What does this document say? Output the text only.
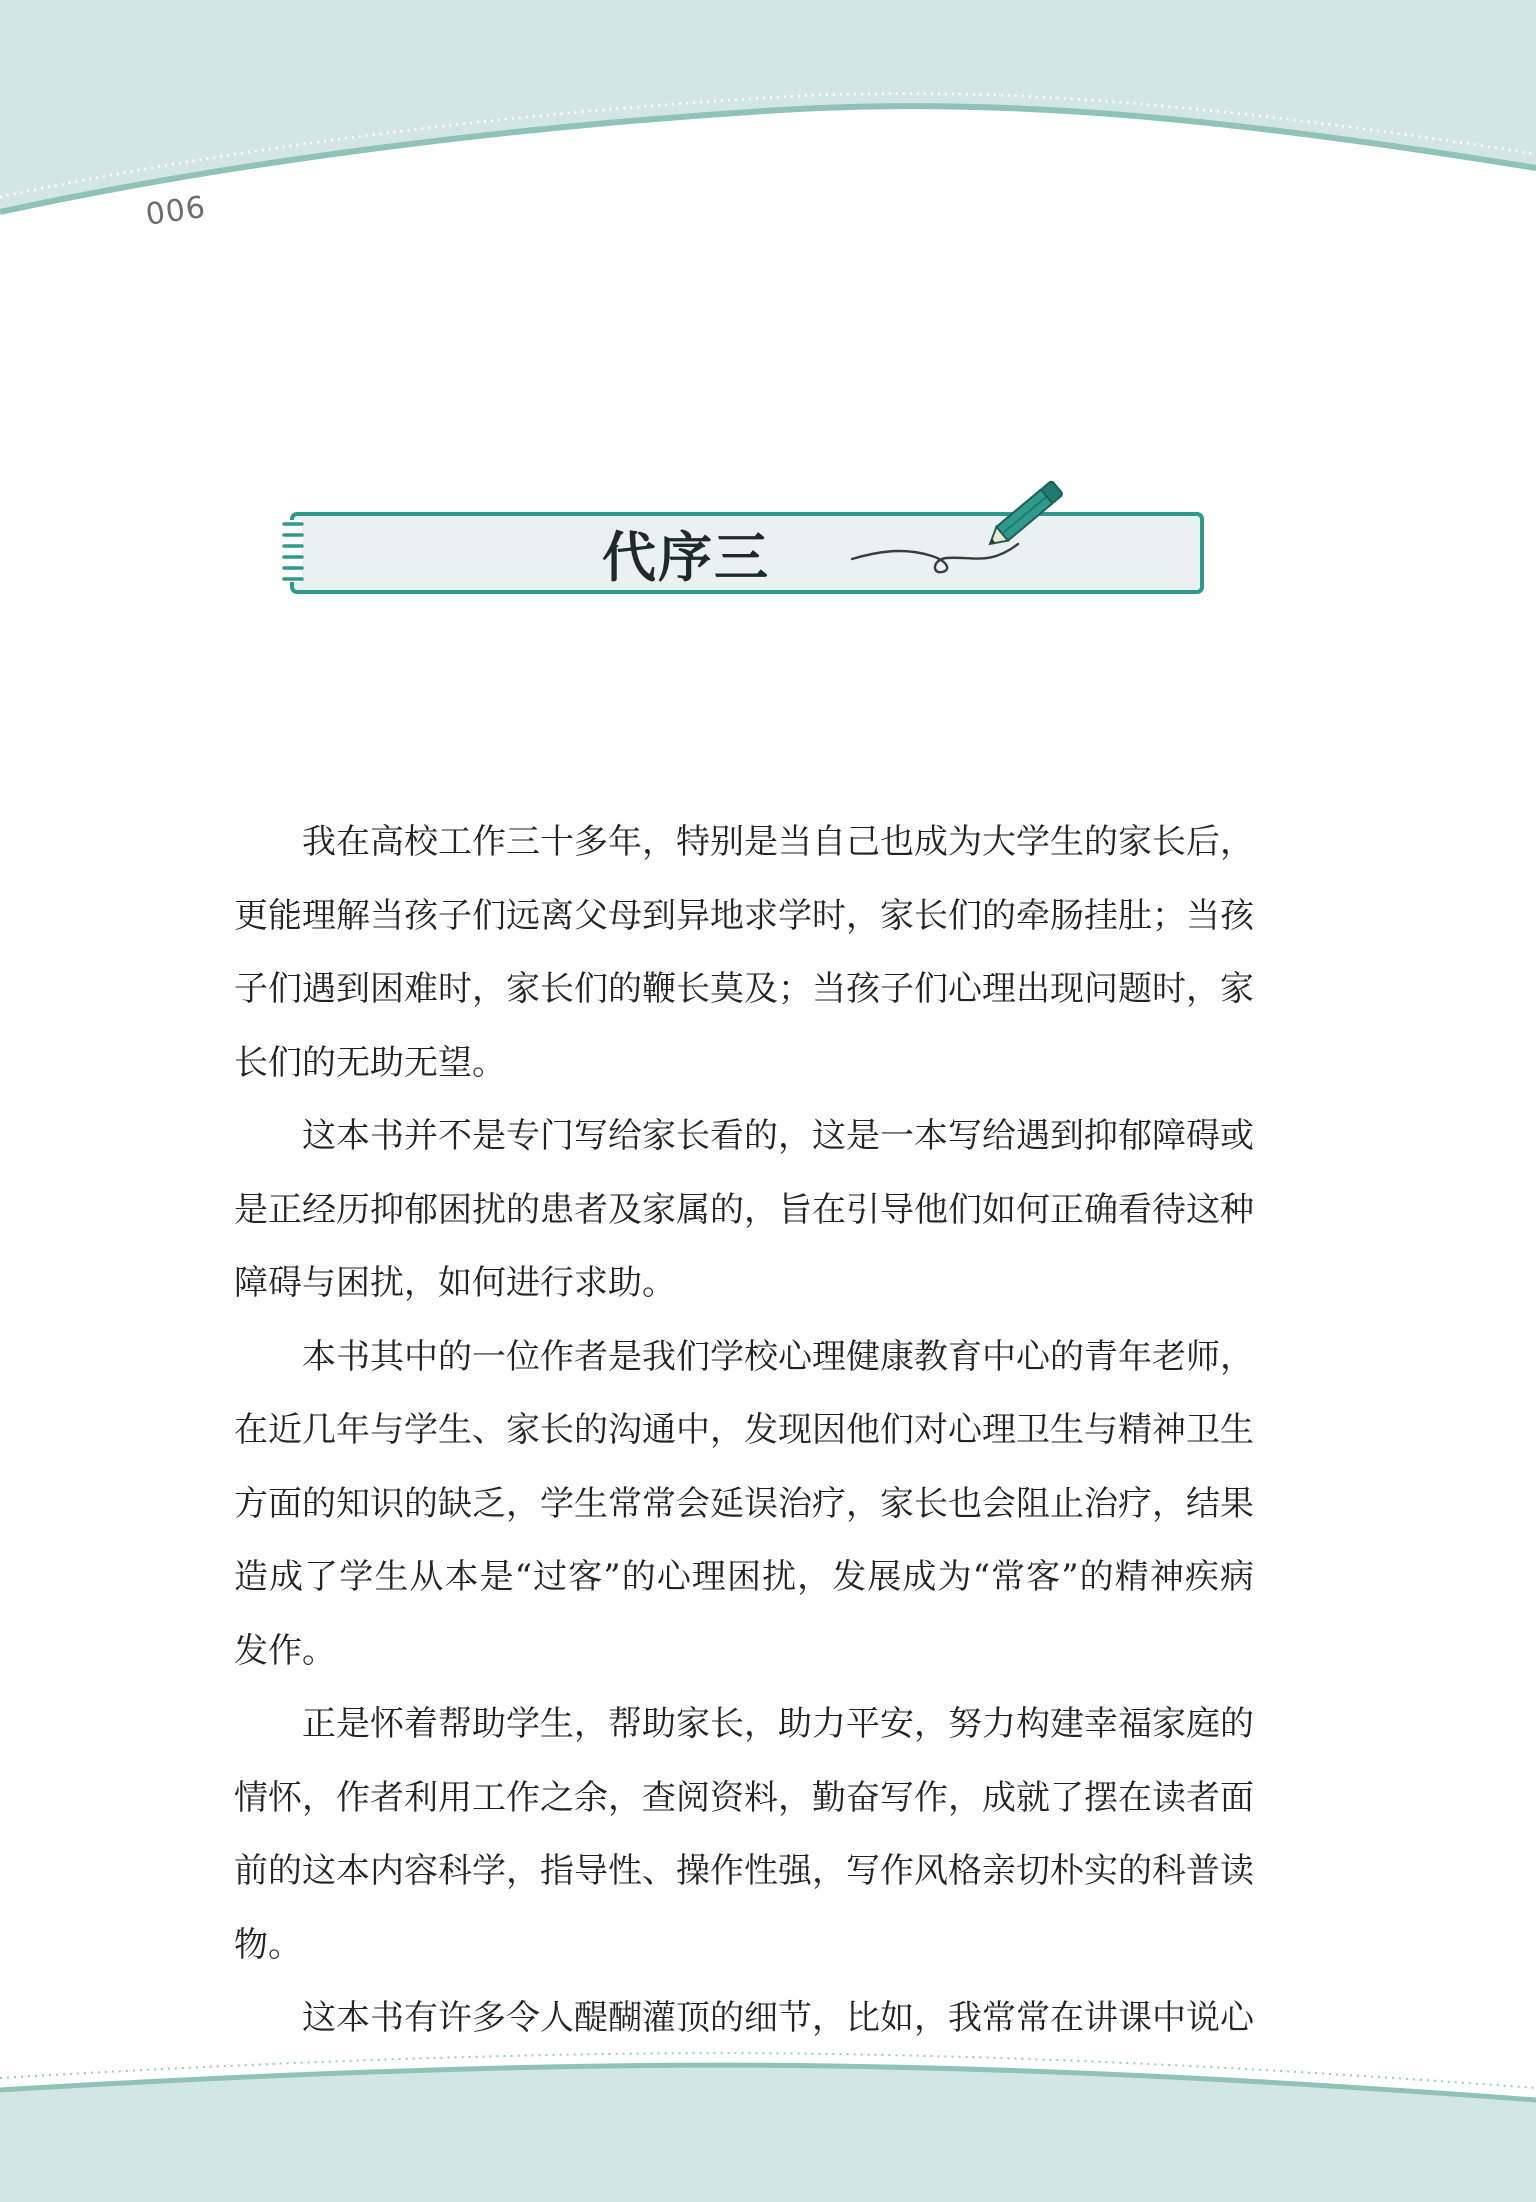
006
代序三

我在高校工作三十多年，特别是当自己也成为大学生的家长后，更能理解当孩子们远离父母到异地求学时，家长们的牵肠挂肚；当孩子们遇到困难时，家长们的鞭长莫及；当孩子们心理出现问题时，家长们的无助无望。

这本书并不是专门写给家长看的，这是一本写给遇到抑郁障碍或是正经历抑郁困扰的患者及家属的，旨在引导他们如何正确看待这种障碍与困扰，如何进行求助。

本书其中的一位作者是我们学校心理健康教育中心的青年老师，在近几年与学生、家长的沟通中，发现因他们对心理卫生与精神卫生方面的知识的缺乏，学生常常会延误治疗，家长也会阻止治疗，结果造成了学生从本是“过客”的心理困扰，发展成为“常客”的精神疾病发作。

正是怀着帮助学生，帮助家长，助力平安，努力构建幸福家庭的情怀，作者利用工作之余，查阅资料，勤奋写作，成就了摆在读者面前的这本内容科学，指导性、操作性强，写作风格亲切朴实的科普读物。

这本书有许多令人醍醐灌顶的细节，比如，我常常在讲课中说心
